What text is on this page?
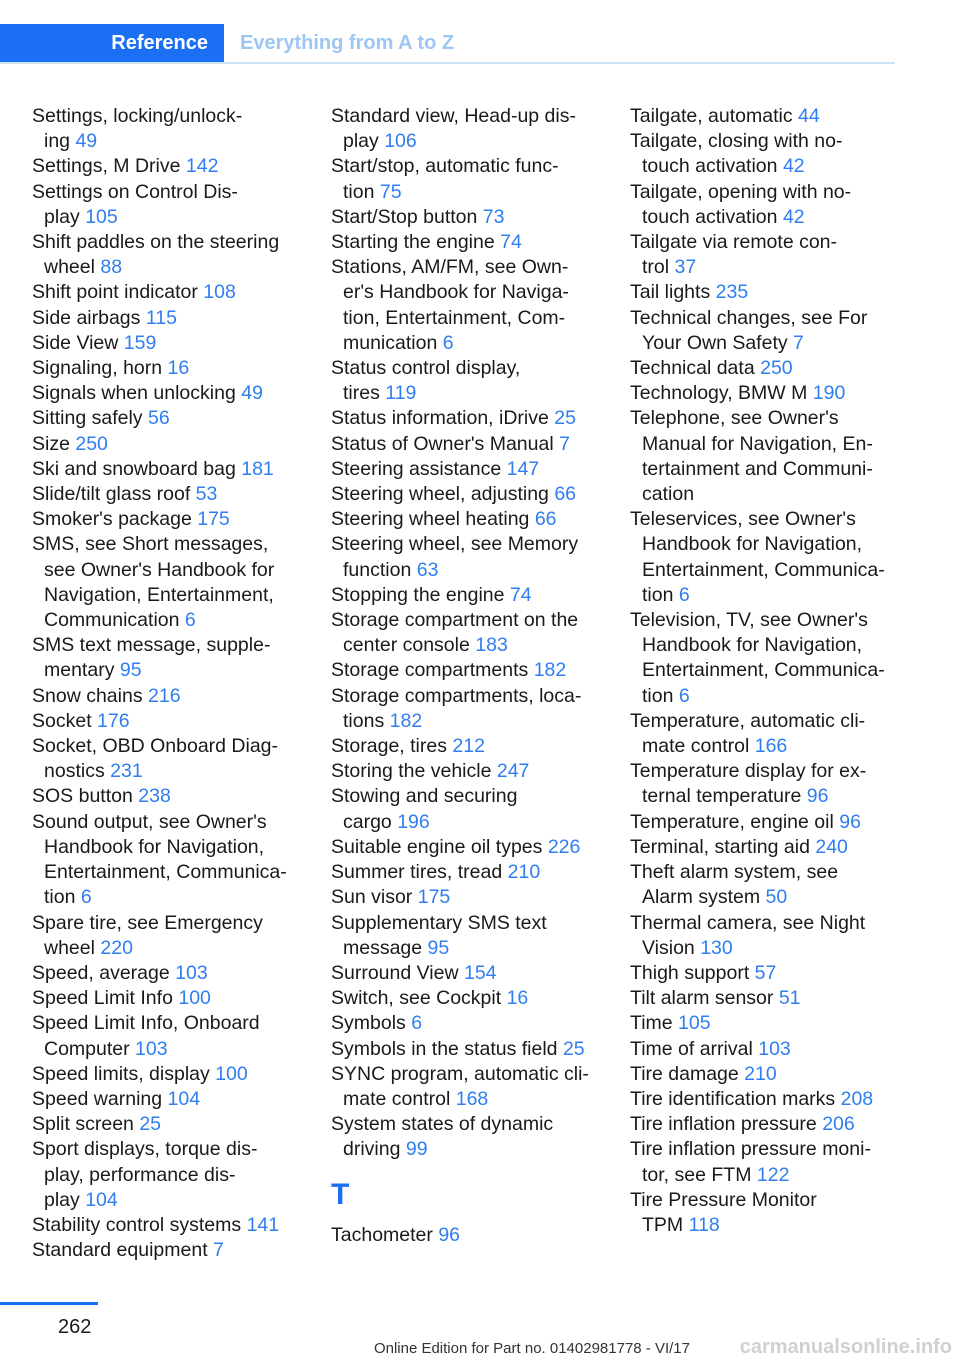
Reference Everything from A to Z
Settings, locking/unlock-
ing 49
Settings, M Drive 142
Settings on Control Dis-
play 105
Shift paddles on the steering
wheel 88
Shift point indicator 108
Side airbags 115
Side View 159
Signaling, horn 16
Signals when unlocking 49
Sitting safely 56
Size 250
Ski and snowboard bag 181
Slide/tilt glass roof 53
Smoker's package 175
SMS, see Short messages,
see Owner's Handbook for
Navigation, Entertainment,
Communication 6
SMS text message, supple-
mentary 95
Snow chains 216
Socket 176
Socket, OBD Onboard Diag-
nostics 231
SOS button 238
Sound output, see Owner's
Handbook for Navigation,
Entertainment, Communica-
tion 6
Spare tire, see Emergency
wheel 220
Speed, average 103
Speed Limit Info 100
Speed Limit Info, Onboard
Computer 103
Speed limits, display 100
Speed warning 104
Split screen 25
Sport displays, torque dis-
play, performance dis-
play 104
Stability control systems 141
Standard equipment 7
Standard view, Head-up dis-
play 106
Start/stop, automatic func-
tion 75
Start/Stop button 73
Starting the engine 74
Stations, AM/FM, see Own-
er's Handbook for Naviga-
tion, Entertainment, Com-
munication 6
Status control display,
tires 119
Status information, iDrive 25
Status of Owner's Manual 7
Steering assistance 147
Steering wheel, adjusting 66
Steering wheel heating 66
Steering wheel, see Memory
function 63
Stopping the engine 74
Storage compartment on the
center console 183
Storage compartments 182
Storage compartments, loca-
tions 182
Storage, tires 212
Storing the vehicle 247
Stowing and securing
cargo 196
Suitable engine oil types 226
Summer tires, tread 210
Sun visor 175
Supplementary SMS text
message 95
Surround View 154
Switch, see Cockpit 16
Symbols 6
Symbols in the status field 25
SYNC program, automatic cli-
mate control 168
System states of dynamic
driving 99
T
Tachometer 96
Tailgate, automatic 44
Tailgate, closing with no-
touch activation 42
Tailgate, opening with no-
touch activation 42
Tailgate via remote con-
trol 37
Tail lights 235
Technical changes, see For
Your Own Safety 7
Technical data 250
Technology, BMW M 190
Telephone, see Owner's
Manual for Navigation, En-
tertainment and Communi-
cation
Teleservices, see Owner's
Handbook for Navigation,
Entertainment, Communica-
tion 6
Television, TV, see Owner's
Handbook for Navigation,
Entertainment, Communica-
tion 6
Temperature, automatic cli-
mate control 166
Temperature display for ex-
ternal temperature 96
Temperature, engine oil 96
Terminal, starting aid 240
Theft alarm system, see
Alarm system 50
Thermal camera, see Night
Vision 130
Thigh support 57
Tilt alarm sensor 51
Time 105
Time of arrival 103
Tire damage 210
Tire identification marks 208
Tire inflation pressure 206
Tire inflation pressure moni-
tor, see FTM 122
Tire Pressure Monitor
TPM 118
262
Online Edition for Part no. 01402981778 - VI/17 carmanualsonline.info
